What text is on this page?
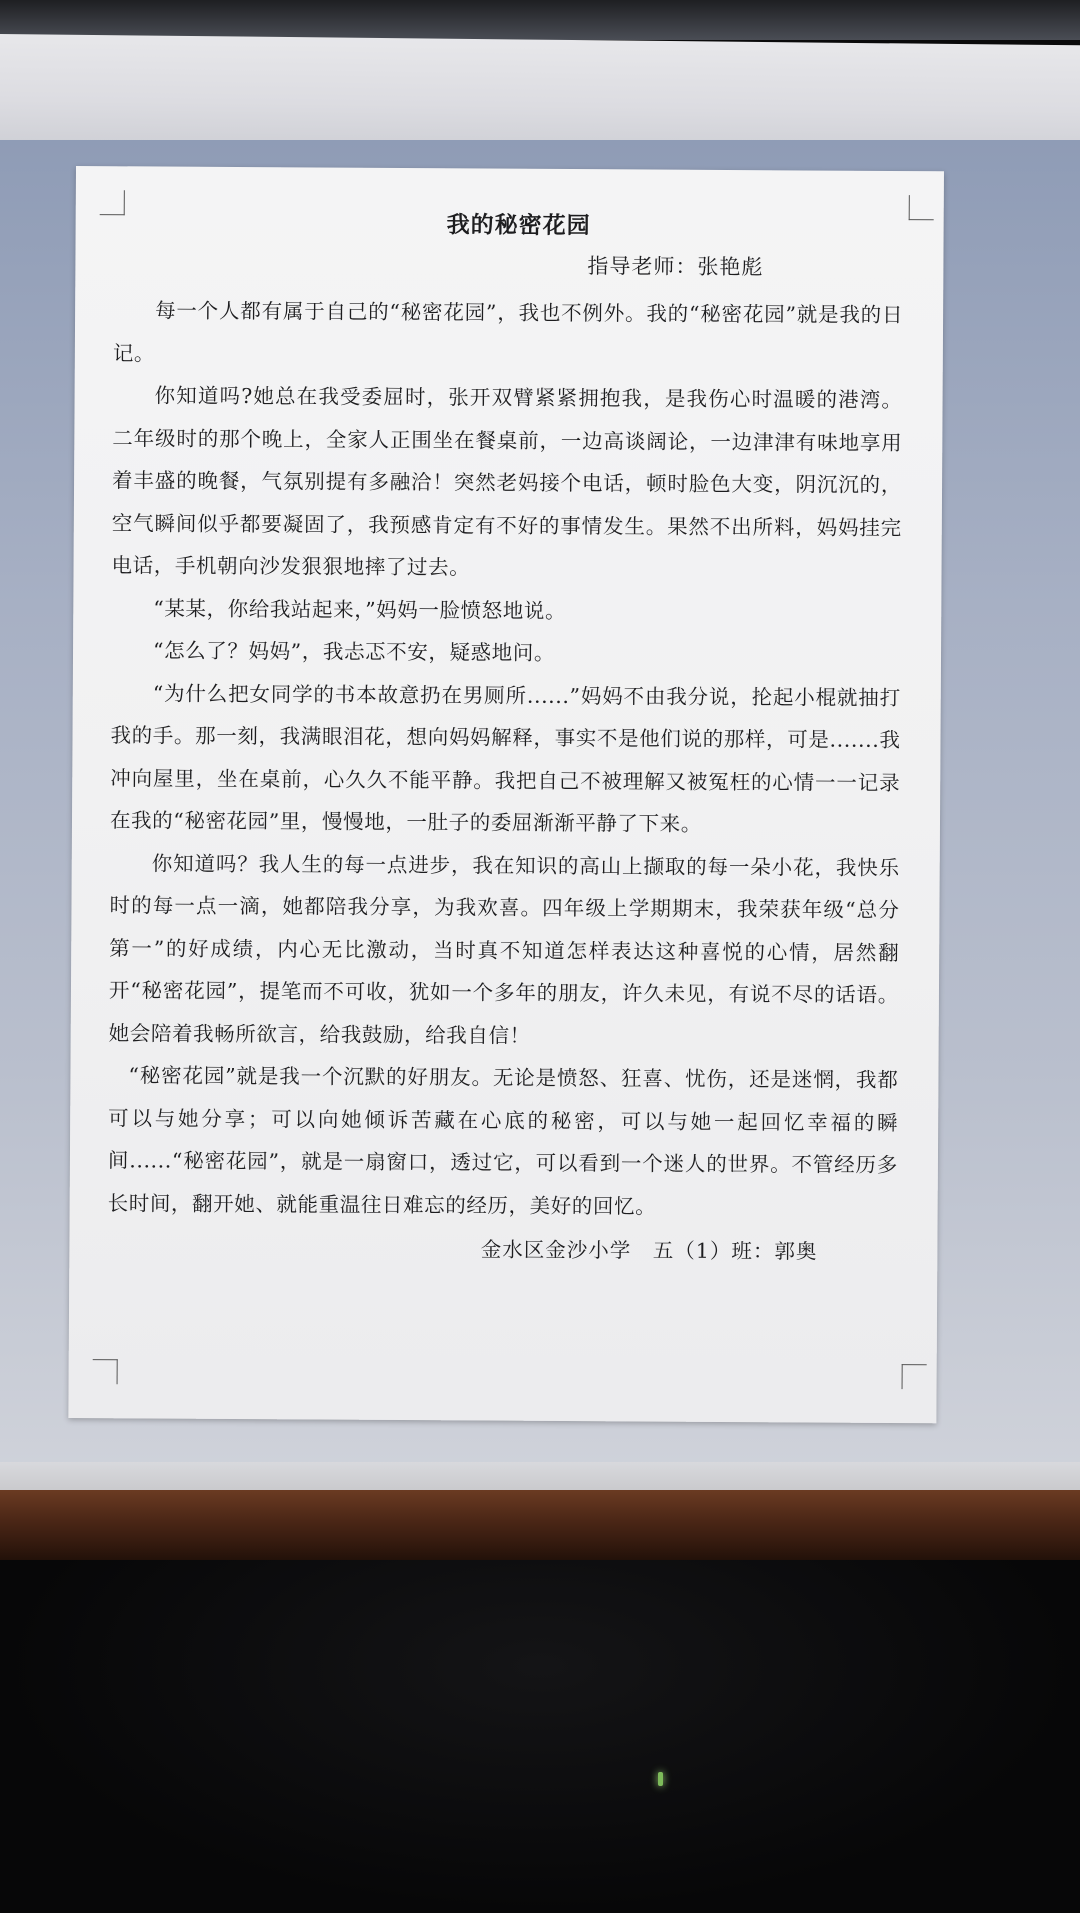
我的秘密花园
指导老师：张艳彪

每一个人都有属于自己的“秘密花园”，我也不例外。我的“秘密花园”就是我的日记。

你知道吗?她总在我受委屈时，张开双臂紧紧拥抱我，是我伤心时温暖的港湾。二年级时的那个晚上，全家人正围坐在餐桌前，一边高谈阔论，一边津津有味地享用着丰盛的晚餐，气氛别提有多融洽！突然老妈接个电话，顿时脸色大变，阴沉沉的，空气瞬间似乎都要凝固了，我预感肯定有不好的事情发生。果然不出所料，妈妈挂完电话，手机朝向沙发狠狠地摔了过去。

“某某，你给我站起来，”妈妈一脸愤怒地说。

“怎么了？妈妈”，我忐忑不安，疑惑地问。

“为什么把女同学的书本故意扔在男厕所......”妈妈不由我分说，抡起小棍就抽打我的手。那一刻，我满眼泪花，想向妈妈解释，事实不是他们说的那样，可是.......我冲向屋里，坐在桌前，心久久不能平静。我把自己不被理解又被冤枉的心情一一记录在我的“秘密花园”里，慢慢地，一肚子的委屈渐渐平静了下来。

你知道吗？我人生的每一点进步，我在知识的高山上撷取的每一朵小花，我快乐时的每一点一滴，她都陪我分享，为我欢喜。四年级上学期期末，我荣获年级“总分第一”的好成绩，内心无比激动，当时真不知道怎样表达这种喜悦的心情，居然翻开“秘密花园”，提笔而不可收，犹如一个多年的朋友，许久未见，有说不尽的话语。她会陪着我畅所欲言，给我鼓励，给我自信！

“秘密花园”就是我一个沉默的好朋友。无论是愤怒、狂喜、忧伤，还是迷惘，我都可以与她分享；可以向她倾诉苦藏在心底的秘密，可以与她一起回忆幸福的瞬间......“秘密花园”，就是一扇窗口，透过它，可以看到一个迷人的世界。不管经历多长时间，翻开她、就能重温往日难忘的经历，美好的回忆。

金水区金沙小学　五（1）班：郭奥
